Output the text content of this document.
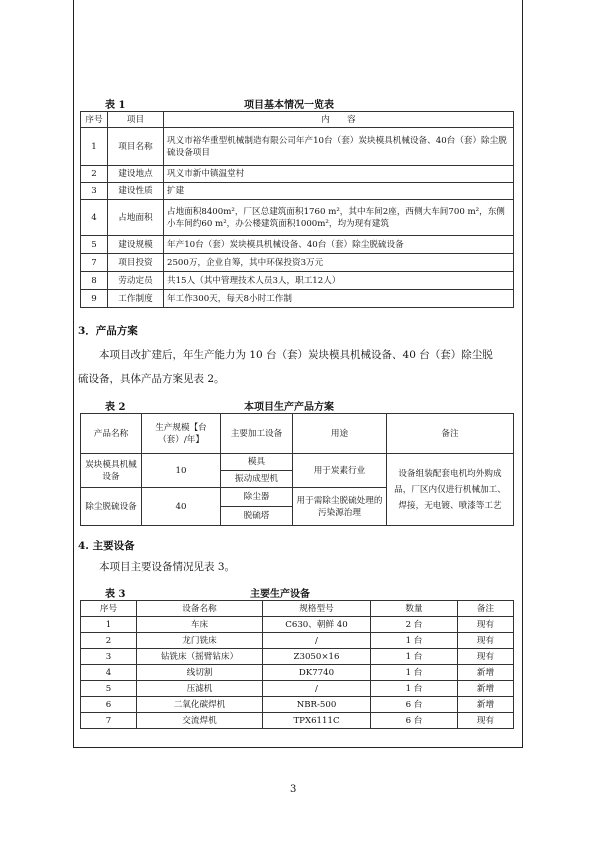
表 1	项目基本情况一览表
序号	项目	内　　容
1	项目名称	巩义市裕华重型机械制造有限公司年产10台（套）炭块模具机械设备、40台（套）除尘脱硫设备项目
2	建设地点	巩义市新中镇温堂村
3	建设性质	扩建
4	占地面积	占地面积8400m²，厂区总建筑面积1760 m²，其中车间2座，西侧大车间700 m²，东侧小车间约60 m²，办公楼建筑面积1000m²，均为现有建筑
5	建设规模	年产10台（套）炭块模具机械设备、40台（套）除尘脱硫设备
7	项目投资	2500万，企业自筹，其中环保投资3万元
8	劳动定员	共15人（其中管理技术人员3人，职工12人）
9	工作制度	年工作300天，每天8小时工作制
3．产品方案
本项目改扩建后，年生产能力为 10 台（套）炭块模具机械设备、40 台（套）除尘脱硫设备，具体产品方案见表 2。
表 2	本项目生产产品方案
产品名称	生产规模【台（套）/年】	主要加工设备	用途	备注
炭块模具机械设备	10	模具	用于炭素行业	设备组装配套电机均外购成品，厂区内仅进行机械加工、焊接，无电镀、喷漆等工艺
		振动成型机		
除尘脱硫设备	40	除尘器	用于需除尘脱硫处理的污染源治理	
		脱硫塔		
4. 主要设备
本项目主要设备情况见表 3。
表 3	主要生产设备
序号	设备名称	规格型号	数量	备注
1	车床	C630、朝鲜 40	2 台	现有
2	龙门铣床	/	1 台	现有
3	钻铣床（摇臂钻床）	Z3050×16	1 台	现有
4	线切割	DK7740	1 台	新增
5	压滤机	/	1 台	新增
6	二氧化碳焊机	NBR-500	6 台	新增
7	交流焊机	TPX6111C	6 台	现有
3
